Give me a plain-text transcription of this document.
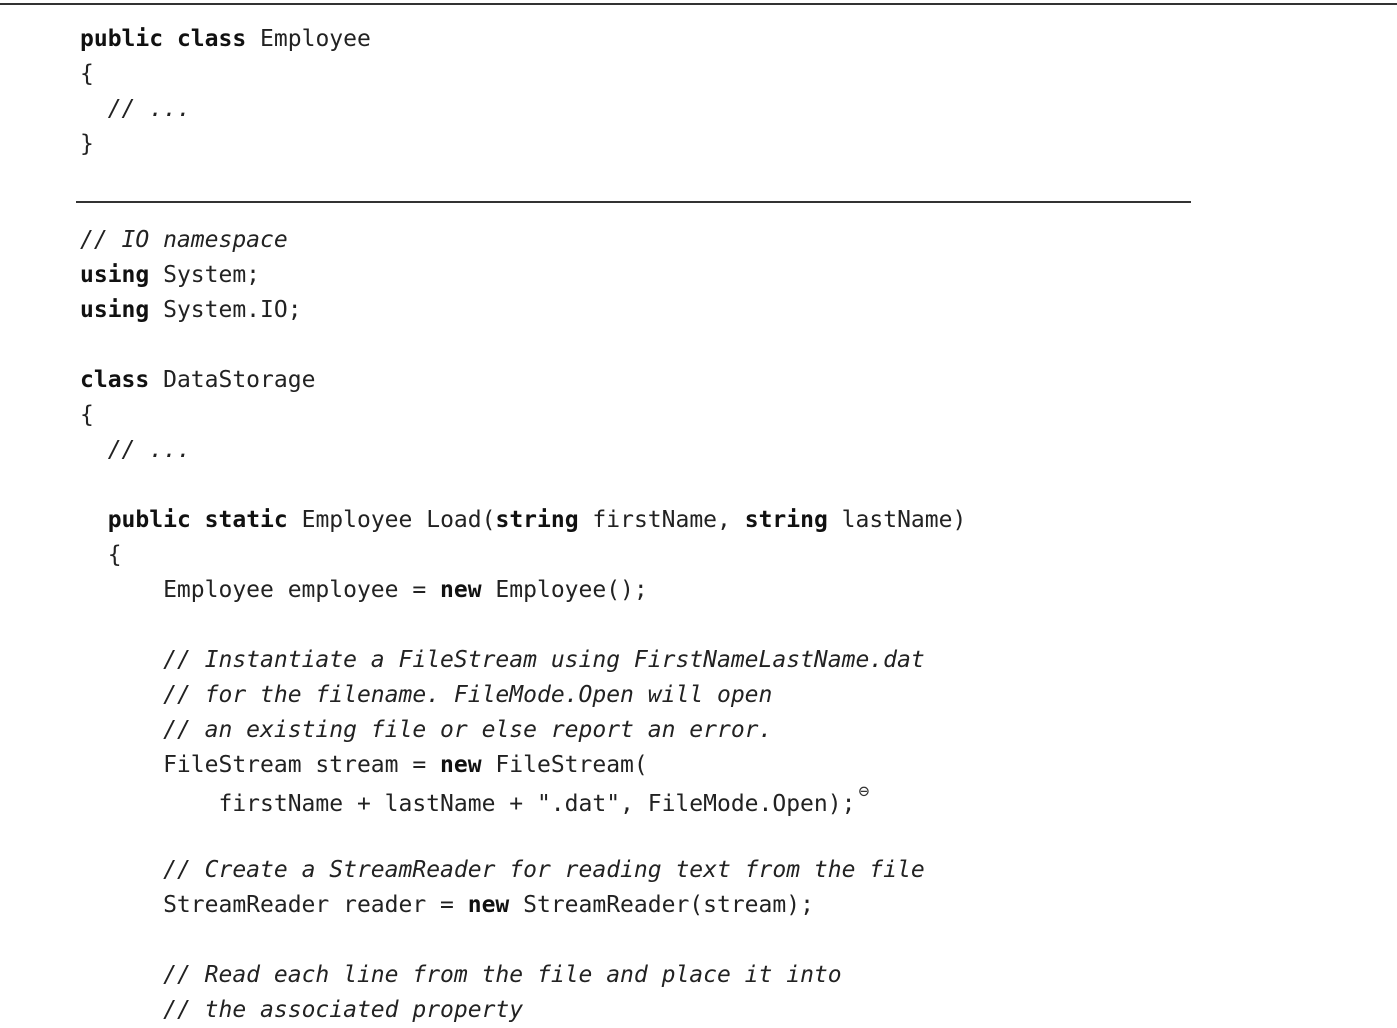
public class Employee
{
// ...
}
// IO namespace
using System;
using System.IO;
class DataStorage
{
// ...
public static Employee Load(string firstName, string lastName)
{
Employee employee = new Employee();
// Instantiate a FileStream using FirstNameLastName.dat
// for the filename. FileMode.Open will open
// an existing file or else report an error.
FileStream stream = new FileStream(
firstName + lastName + ".dat", FileMode.Open); ⊖
// Create a StreamReader for reading text from the file
StreamReader reader = new StreamReader(stream);
// Read each line from the file and place it into
// the associated property
